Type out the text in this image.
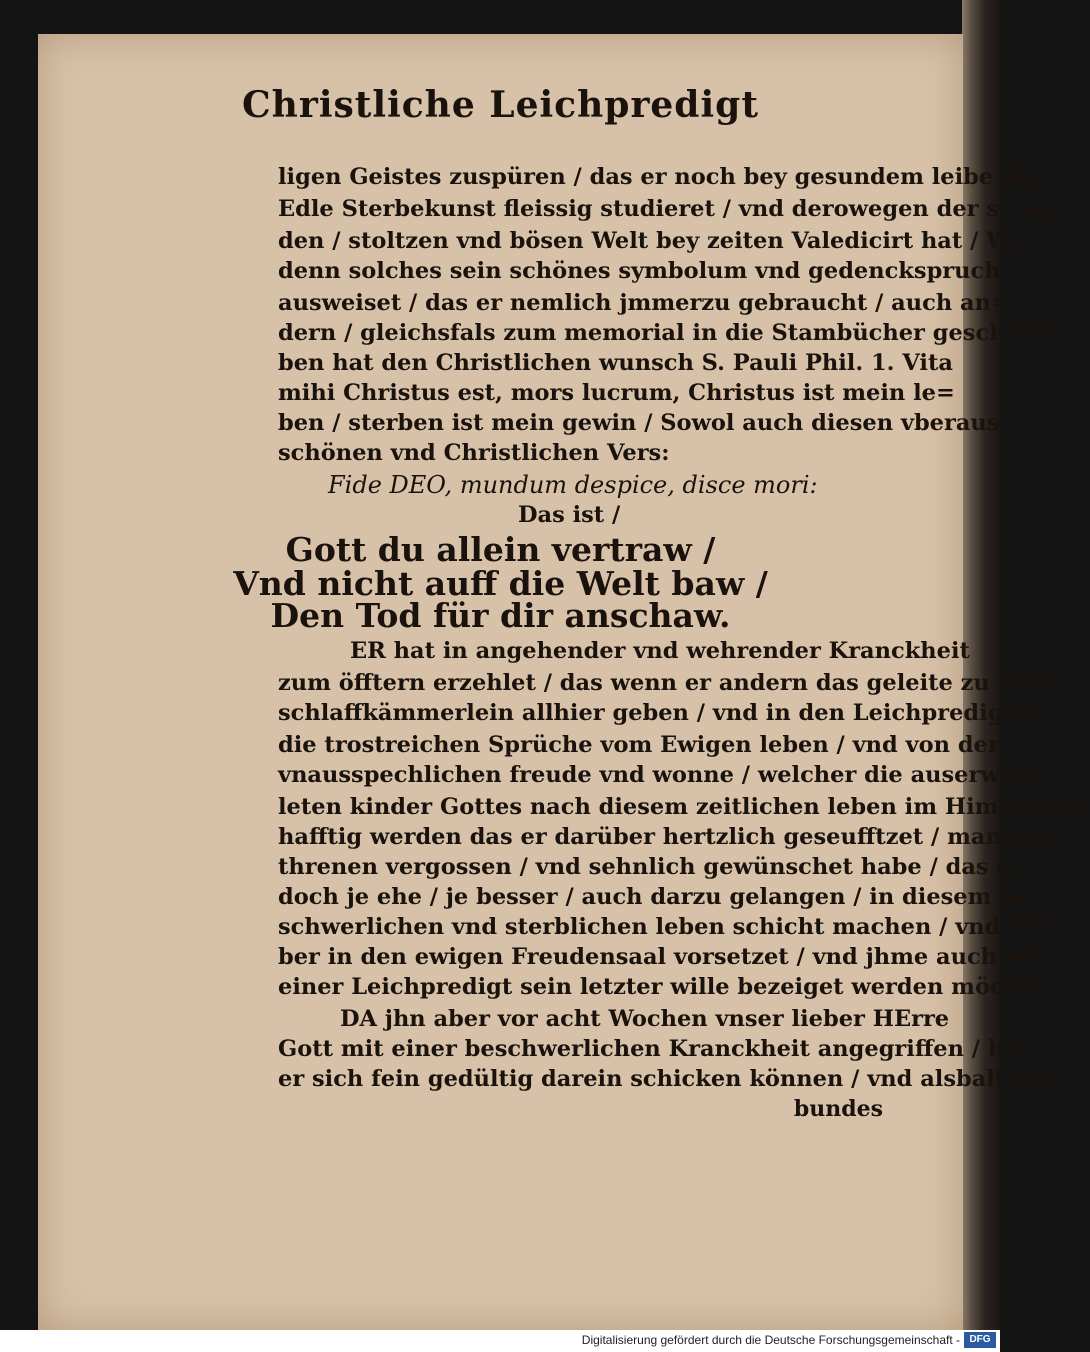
Christliche Leichpredigt
ligen Geistes zuspüren / das er noch bey gesundem leibe die
Edle Sterbekunst fleissig studieret / vnd derowegen der schnö=
den / stoltzen vnd bösen Welt bey zeiten Valedicirt hat / Wie
denn solches sein schönes symbolum vnd gedenckspruch
ausweiset / das er nemlich jmmerzu gebraucht / auch an=
dern / gleichsfals zum memorial in die Stambücher geschrie=
ben hat den Christlichen wunsch S. Pauli Phil. 1. Vita
mihi Christus est, mors lucrum, Christus ist mein le=
ben / sterben ist mein gewin / Sowol auch diesen vberaus
schönen vnd Christlichen Vers:
Fide DEO, mundum despice, disce mori:
Das ist /
Gott du allein vertraw /
Vnd nicht auff die Welt baw /
Den Tod für dir anschaw.
ER hat in angehender vnd wehrender Kranckheit
zum öfftern erzehlet / das wenn er andern das geleite zu jrem
schlaffkämmerlein allhier geben / vnd in den Leichpredigten
die trostreichen Sprüche vom Ewigen leben / vnd von der
vnausspechlichen freude vnd wonne / welcher die auserweh=
leten kinder Gottes nach diesem zeitlichen leben im Himel teil=
hafftig werden das er darüber hertzlich geseufftzet / manchen
threnen vergossen / vnd sehnlich gewünschet habe / das er
doch je ehe / je besser / auch darzu gelangen / in diesem be=
schwerlichen vnd sterblichen leben schicht machen / vnd hinü=
ber in den ewigen Freudensaal vorsetzet / vnd jhme auch mit
einer Leichpredigt sein letzter wille bezeiget werden möchte.
DA jhn aber vor acht Wochen vnser lieber HErre
Gott mit einer beschwerlichen Kranckheit angegriffen / hat
er sich fein gedültig darein schicken können / vnd alsbalt des
bundes
Digitalisierung gefördert durch die Deutsche Forschungsgemeinschaft - DFG
